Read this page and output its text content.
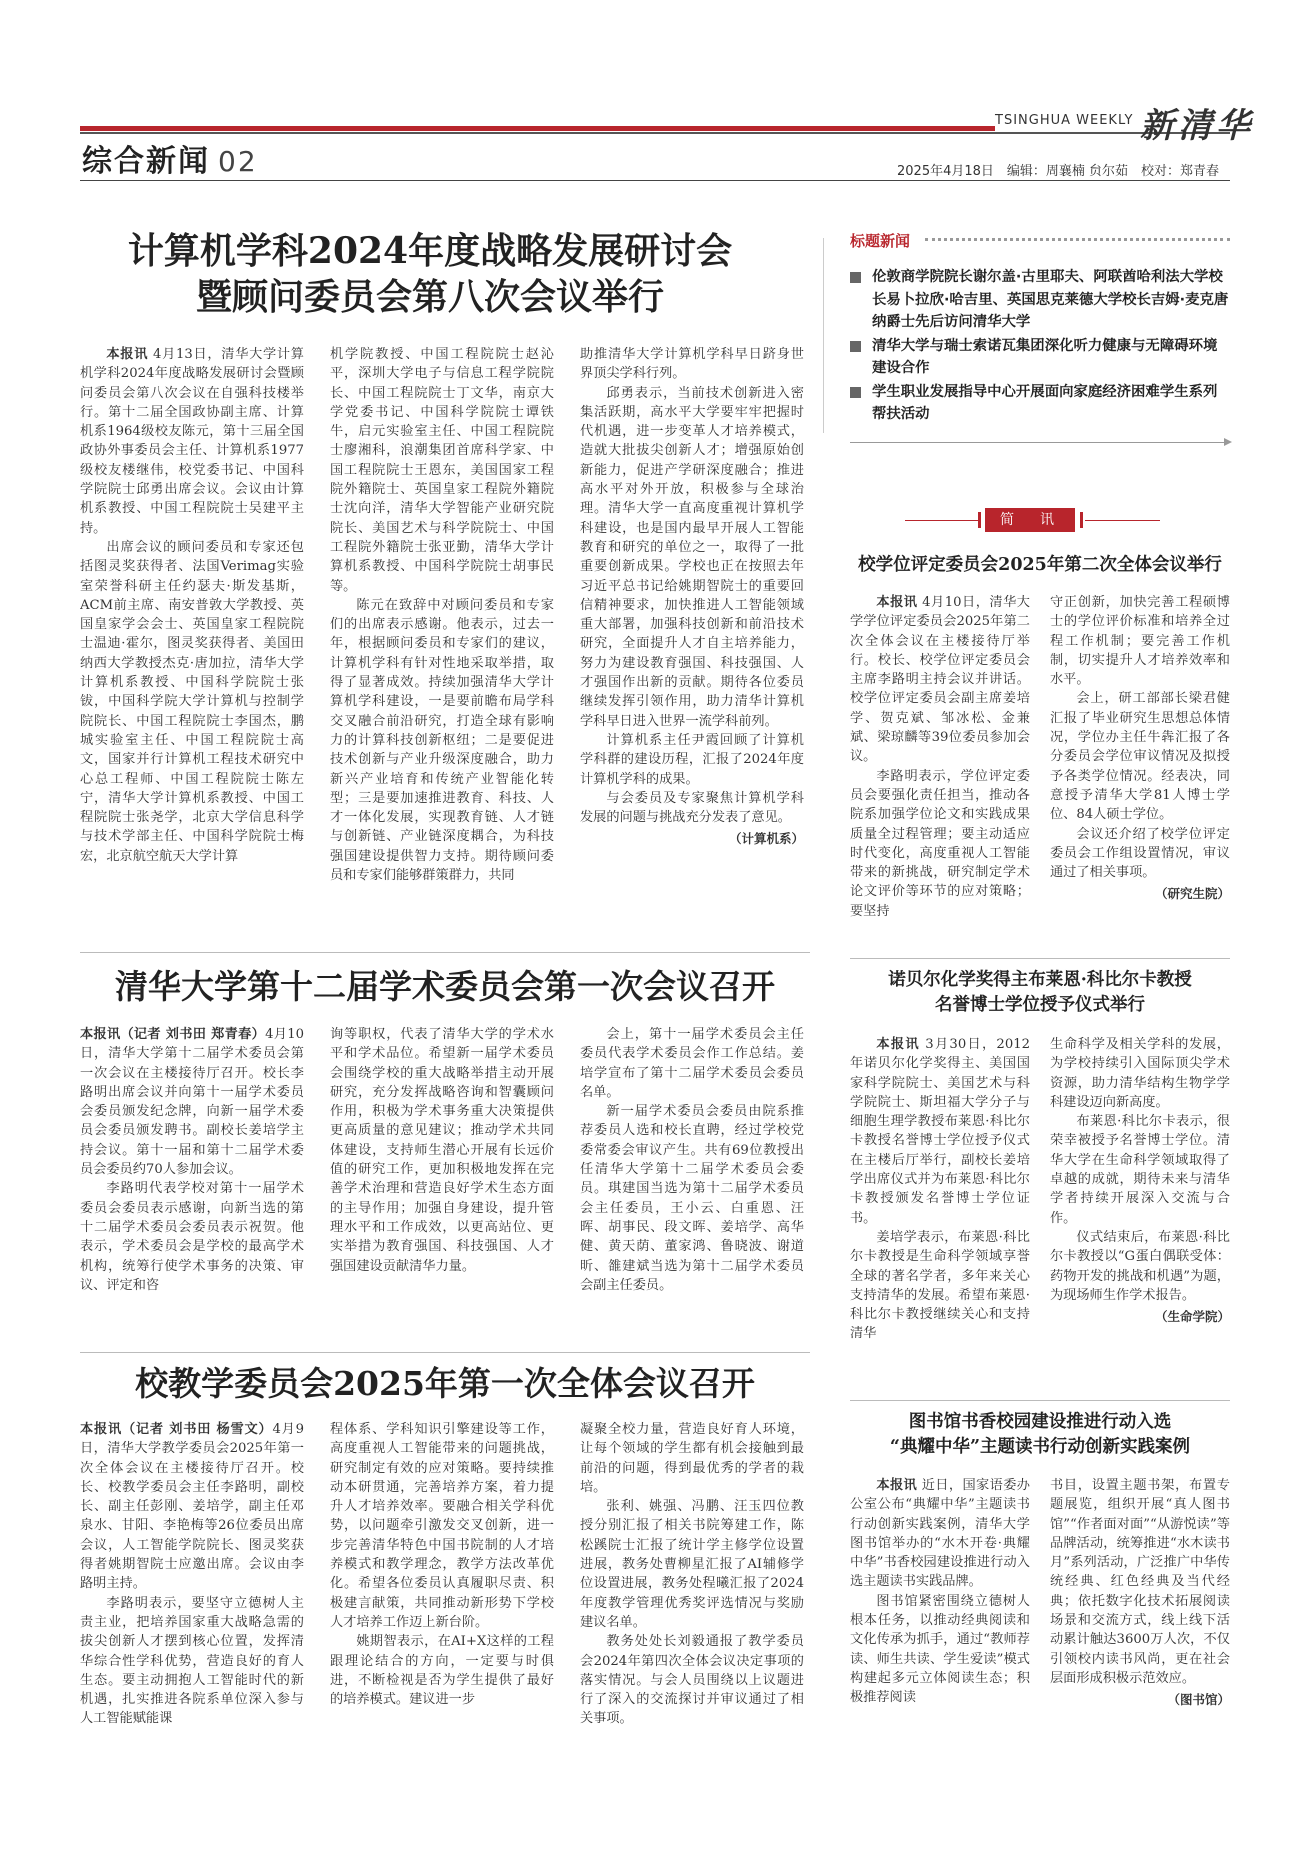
TSINGHUA WEEKLY 新清华
综合新闻 02	2025年4月18日　编辑：周襄楠 贠尔茹　校对：郑青春
计算机学科2024年度战略发展研讨会
暨顾问委员会第八次会议举行

本报讯 4月13日，清华大学计算机学科2024年度战略发展研讨会暨顾问委员会第八次会议在自强科技楼举行。第十二届全国政协副主席、计算机系1964级校友陈元，第十三届全国政协外事委员会主任、计算机系1977级校友楼继伟，校党委书记、中国科学院院士邱勇出席会议。会议由计算机系教授、中国工程院院士吴建平主持。

出席会议的顾问委员和专家还包括图灵奖获得者、法国Verimag实验室荣誉科研主任约瑟夫·斯发基斯，ACM前主席、南安普敦大学教授、英国皇家学会会士、英国皇家工程院院士温迪·霍尔，图灵奖获得者、美国田纳西大学教授杰克·唐加拉，清华大学计算机系教授、中国科学院院士张钹，中国科学院大学计算机与控制学院院长、中国工程院院士李国杰，鹏城实验室主任、中国工程院院士高文，国家并行计算机工程技术研究中心总工程师、中国工程院院士陈左宁，清华大学计算机系教授、中国工程院院士张尧学，北京大学信息科学与技术学部主任、中国科学院院士梅宏，北京航空航天大学计算

机学院教授、中国工程院院士赵沁平，深圳大学电子与信息工程学院院长、中国工程院院士丁文华，南京大学党委书记、中国科学院院士谭铁牛，启元实验室主任、中国工程院院士廖湘科，浪潮集团首席科学家、中国工程院院士王恩东，美国国家工程院外籍院士、英国皇家工程院外籍院士沈向洋，清华大学智能产业研究院院长、美国艺术与科学院院士、中国工程院外籍院士张亚勤，清华大学计算机系教授、中国科学院院士胡事民等。

陈元在致辞中对顾问委员和专家们的出席表示感谢。他表示，过去一年，根据顾问委员和专家们的建议，计算机学科有针对性地采取举措，取得了显著成效。持续加强清华大学计算机学科建设，一是要前瞻布局学科交叉融合前沿研究，打造全球有影响力的计算科技创新枢纽；二是要促进技术创新与产业升级深度融合，助力新兴产业培育和传统产业智能化转型；三是要加速推进教育、科技、人才一体化发展，实现教育链、人才链与创新链、产业链深度耦合，为科技强国建设提供智力支持。期待顾问委员和专家们能够群策群力，共同

助推清华大学计算机学科早日跻身世界顶尖学科行列。

邱勇表示，当前技术创新进入密集活跃期，高水平大学要牢牢把握时代机遇，进一步变革人才培养模式，造就大批拔尖创新人才；增强原始创新能力，促进产学研深度融合；推进高水平对外开放，积极参与全球治理。清华大学一直高度重视计算机学科建设，也是国内最早开展人工智能教育和研究的单位之一，取得了一批重要创新成果。学校也正在按照去年习近平总书记给姚期智院士的重要回信精神要求，加快推进人工智能领域重大部署，加强科技创新和前沿技术研究，全面提升人才自主培养能力，努力为建设教育强国、科技强国、人才强国作出新的贡献。期待各位委员继续发挥引领作用，助力清华计算机学科早日进入世界一流学科前列。

计算机系主任尹霞回顾了计算机学科群的建设历程，汇报了2024年度计算机学科的成果。

与会委员及专家聚焦计算机学科发展的问题与挑战充分发表了意见。

（计算机系）
清华大学第十二届学术委员会第一次会议召开

本报讯（记者 刘书田 郑青春）4月10日，清华大学第十二届学术委员会第一次会议在主楼接待厅召开。校长李路明出席会议并向第十一届学术委员会委员颁发纪念牌，向新一届学术委员会委员颁发聘书。副校长姜培学主持会议。第十一届和第十二届学术委员会委员约70人参加会议。

李路明代表学校对第十一届学术委员会委员表示感谢，向新当选的第十二届学术委员会委员表示祝贺。他表示，学术委员会是学校的最高学术机构，统筹行使学术事务的决策、审议、评定和咨

询等职权，代表了清华大学的学术水平和学术品位。希望新一届学术委员会围绕学校的重大战略举措主动开展研究，充分发挥战略咨询和智囊顾问作用，积极为学术事务重大决策提供更高质量的意见建议；推动学术共同体建设，支持师生潜心开展有长远价值的研究工作，更加积极地发挥在完善学术治理和营造良好学术生态方面的主导作用；加强自身建设，提升管理水平和工作成效，以更高站位、更实举措为教育强国、科技强国、人才强国建设贡献清华力量。

会上，第十一届学术委员会主任委员代表学术委员会作工作总结。姜培学宣布了第十二届学术委员会委员名单。

新一届学术委员会委员由院系推荐委员人选和校长直聘，经过学校党委常委会审议产生。共有69位教授出任清华大学第十二届学术委员会委员。琪建国当选为第十二届学术委员会主任委员，王小云、白重恩、汪晖、胡事民、段文晖、姜培学、高华健、黄天荫、董家鸿、鲁晓波、谢道昕、雒建斌当选为第十二届学术委员会副主任委员。

校教学委员会2025年第一次全体会议召开

本报讯（记者 刘书田 杨雪文）4月9日，清华大学教学委员会2025年第一次全体会议在主楼接待厅召开。校长、校教学委员会主任李路明，副校长、副主任彭刚、姜培学，副主任邓泉水、甘阳、李艳梅等26位委员出席会议，人工智能学院院长、图灵奖获得者姚期智院士应邀出席。会议由李路明主持。

李路明表示，要坚守立德树人主责主业，把培养国家重大战略急需的拔尖创新人才摆到核心位置，发挥清华综合性学科优势，营造良好的育人生态。要主动拥抱人工智能时代的新机遇，扎实推进各院系单位深入参与人工智能赋能课

程体系、学科知识引擎建设等工作，高度重视人工智能带来的问题挑战，研究制定有效的应对策略。要持续推动本研贯通，完善培养方案，着力提升人才培养效率。要融合相关学科优势，以问题牵引激发交叉创新，进一步完善清华特色中国书院制的人才培养模式和教学理念，教学方法改革优化。希望各位委员认真履职尽责、积极建言献策，共同推动新形势下学校人才培养工作迈上新台阶。

姚期智表示，在AI+X这样的工程跟理论结合的方向，一定要与时俱进，不断检视是否为学生提供了最好的培养模式。建议进一步

凝聚全校力量，营造良好育人环境，让每个领域的学生都有机会接触到最前沿的问题，得到最优秀的学者的栽培。

张利、姚强、冯鹏、汪玉四位教授分别汇报了相关书院筹建工作，陈松蹊院士汇报了统计学主修学位设置进展，教务处曹柳星汇报了AI辅修学位设置进展，教务处程曦汇报了2024年度教学管理优秀奖评选情况与奖励建议名单。

教务处处长刘毅通报了教学委员会2024年第四次全体会议决定事项的落实情况。与会人员围绕以上议题进行了深入的交流探讨并审议通过了相关事项。

标题新闻
伦敦商学院院长谢尔盖·古里耶夫、阿联酋哈利法大学校长易卜拉欣·哈吉里、英国思克莱德大学校长吉姆·麦克唐纳爵士先后访问清华大学
清华大学与瑞士索诺瓦集团深化听力健康与无障碍环境建设合作
学生职业发展指导中心开展面向家庭经济困难学生系列帮扶活动
简　讯
校学位评定委员会2025年第二次全体会议举行

本报讯 4月10日，清华大学学位评定委员会2025年第二次全体会议在主楼接待厅举行。校长、校学位评定委员会主席李路明主持会议并讲话。校学位评定委员会副主席姜培学、贺克斌、邹冰松、金兼斌、梁琼麟等39位委员参加会议。

李路明表示，学位评定委员会要强化责任担当，推动各院系加强学位论文和实践成果质量全过程管理；要主动适应时代变化，高度重视人工智能带来的新挑战，研究制定学术论文评价等环节的应对策略；要坚持

守正创新，加快完善工程硕博士的学位评价标准和培养全过程工作机制；要完善工作机制，切实提升人才培养效率和水平。

会上，研工部部长梁君健汇报了毕业研究生思想总体情况，学位办主任牛犇汇报了各分委员会学位审议情况及拟授予各类学位情况。经表决，同意授予清华大学81人博士学位、84人硕士学位。

会议还介绍了校学位评定委员会工作组设置情况，审议通过了相关事项。

（研究生院）
诺贝尔化学奖得主布莱恩·科比尔卡教授
名誉博士学位授予仪式举行

本报讯 3月30日，2012年诺贝尔化学奖得主、美国国家科学院院士、美国艺术与科学院院士、斯坦福大学分子与细胞生理学教授布莱恩·科比尔卡教授名誉博士学位授予仪式在主楼后厅举行，副校长姜培学出席仪式并为布莱恩·科比尔卡教授颁发名誉博士学位证书。

姜培学表示，布莱恩·科比尔卡教授是生命科学领域享誉全球的著名学者，多年来关心支持清华的发展。希望布莱恩·科比尔卡教授继续关心和支持清华

生命科学及相关学科的发展，为学校持续引入国际顶尖学术资源，助力清华结构生物学学科建设迈向新高度。

布莱恩·科比尔卡表示，很荣幸被授予名誉博士学位。清华大学在生命科学领域取得了卓越的成就，期待未来与清华学者持续开展深入交流与合作。

仪式结束后，布莱恩·科比尔卡教授以“G蛋白偶联受体：药物开发的挑战和机遇”为题，为现场师生作学术报告。

（生命学院）
图书馆书香校园建设推进行动入选
“典耀中华”主题读书行动创新实践案例

本报讯 近日，国家语委办公室公布“典耀中华”主题读书行动创新实践案例，清华大学图书馆举办的“水木开卷·典耀中华”书香校园建设推进行动入选主题读书实践品牌。

图书馆紧密围绕立德树人根本任务，以推动经典阅读和文化传承为抓手，通过“教师荐读、师生共读、学生爱读”模式构建起多元立体阅读生态；积极推荐阅读

书目，设置主题书架，布置专题展览，组织开展“真人图书馆”“作者面对面”“从游悦读”等品牌活动，统筹推进“水木读书月”系列活动，广泛推广中华传统经典、红色经典及当代经典；依托数字化技术拓展阅读场景和交流方式，线上线下活动累计触达3600万人次，不仅引领校内读书风尚，更在社会层面形成积极示范效应。

（图书馆）
